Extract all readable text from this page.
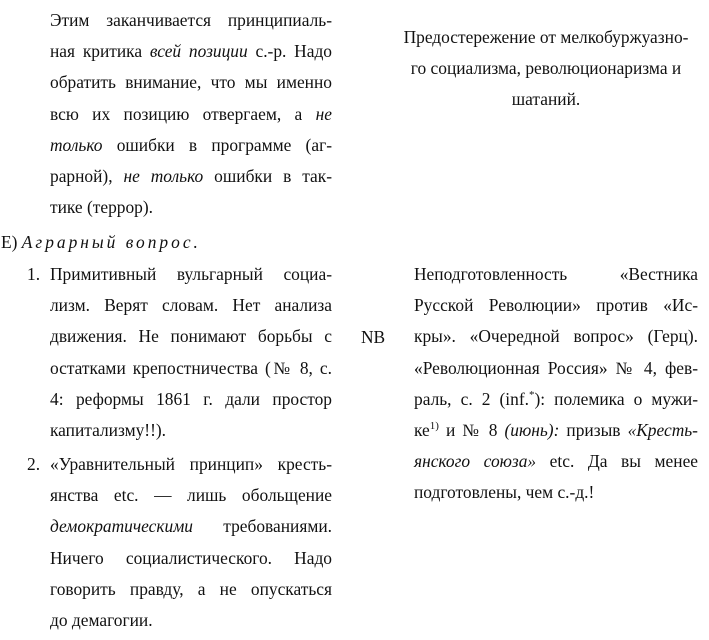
Этим заканчивается принципиаль-
ная критика всей позиции с.-р. Надо
обратить внимание, что мы именно
всю их позицию отвергаем, а не
только ошибки в программе (аг-
рарной), не только ошибки в так-
тике (террор).
Предостережение от мелкобуржуазно-
го социализма, революционаризма и
шатаний.
Е) Аграрный вопрос.
1. Примитивный вульгарный социа-
лизм. Верят словам. Нет анализа
движения. Не понимают борьбы с
остатками крепостничества (№ 8, с.
4: реформы 1861 г. дали простор
капитализму!!).
2. «Уравнительный принцип» кресть-
янства etc. — лишь обольщение
демократическими требованиями.
Ничего социалистического. Надо
говорить правду, а не опускаться
до демагогии.
NB
Неподготовленность	«Вестника
Русской Революции» против «Ис-
кры». «Очередной вопрос» (Герц).
«Революционная Россия» № 4, фев-
раль, с. 2 (inf.*): полемика о мужи-
$ке^{1)}$ и № 8 (июнь): призыв «Кресть-
янского союза» etc. Да вы менее
подготовлены, чем с.-д.!
